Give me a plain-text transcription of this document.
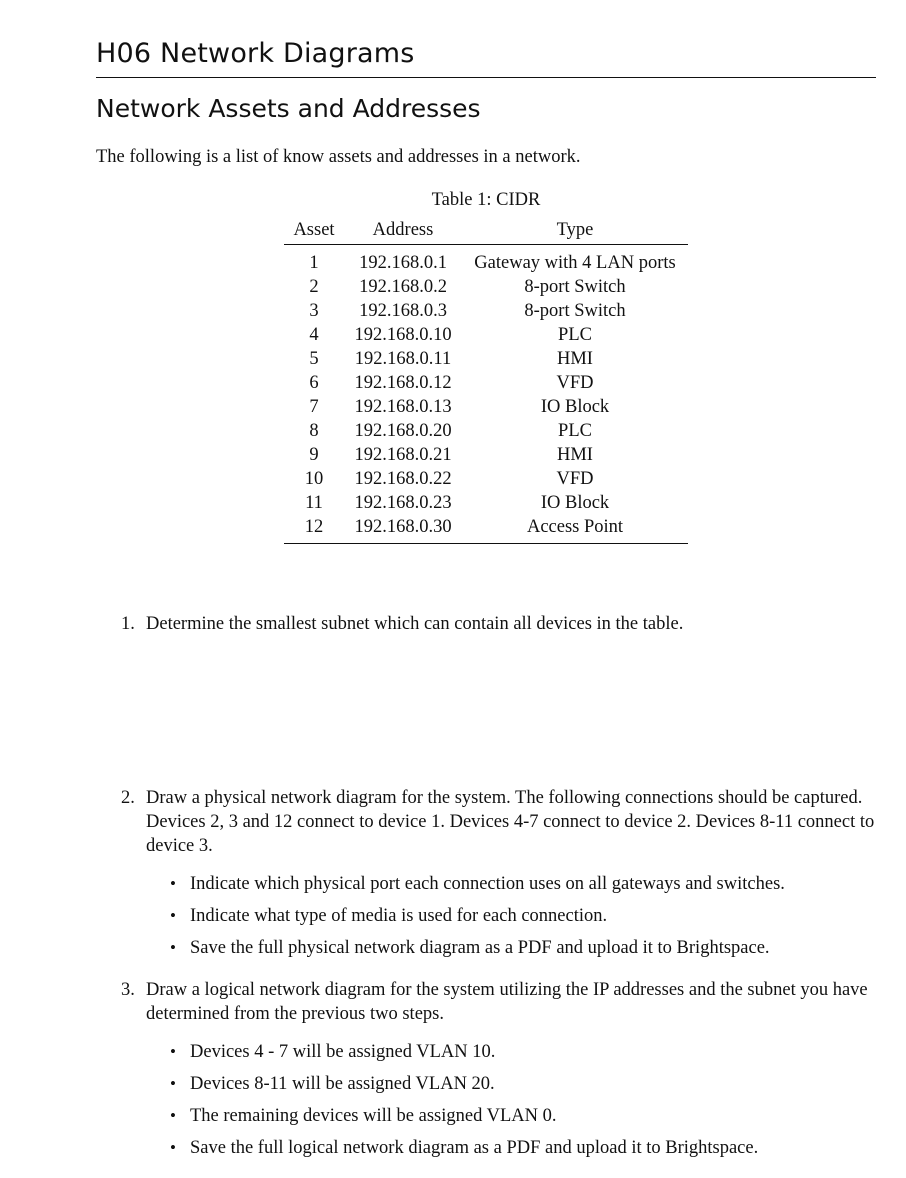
H06 Network Diagrams
Network Assets and Addresses
The following is a list of know assets and addresses in a network.
Table 1: CIDR
Asset	Address	Type
1	192.168.0.1	Gateway with 4 LAN ports
2	192.168.0.2	8-port Switch
3	192.168.0.3	8-port Switch
4	192.168.0.10	PLC
5	192.168.0.11	HMI
6	192.168.0.12	VFD
7	192.168.0.13	IO Block
8	192.168.0.20	PLC
9	192.168.0.21	HMI
10	192.168.0.22	VFD
11	192.168.0.23	IO Block
12	192.168.0.30	Access Point
1. Determine the smallest subnet which can contain all devices in the table.
2. Draw a physical network diagram for the system. The following connections should be captured. Devices 2, 3 and 12 connect to device 1. Devices 4-7 connect to device 2. Devices 8-11 connect to device 3.
• Indicate which physical port each connection uses on all gateways and switches.
• Indicate what type of media is used for each connection.
• Save the full physical network diagram as a PDF and upload it to Brightspace.
3. Draw a logical network diagram for the system utilizing the IP addresses and the subnet you have determined from the previous two steps.
• Devices 4 - 7 will be assigned VLAN 10.
• Devices 8-11 will be assigned VLAN 20.
• The remaining devices will be assigned VLAN 0.
• Save the full logical network diagram as a PDF and upload it to Brightspace.
